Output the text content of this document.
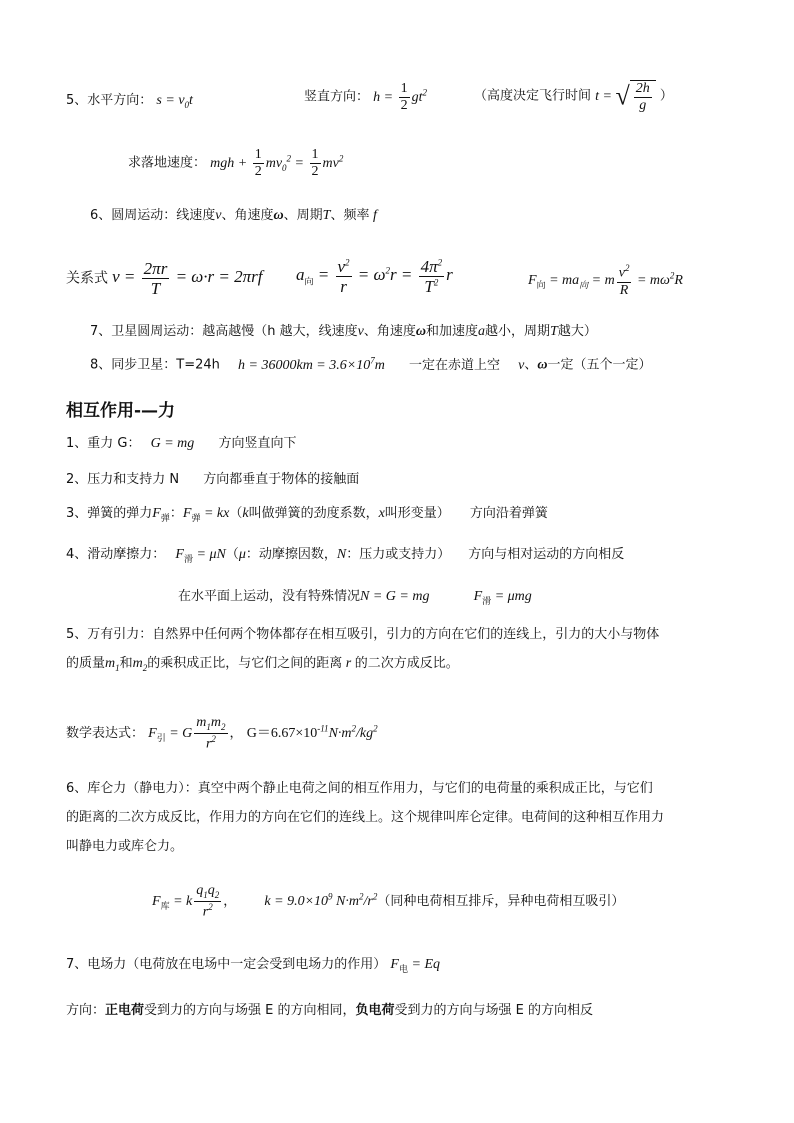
5、水平方向： $s = v_0t$	竖直方向： $h = \frac{1}{2} gt^2$	（高度决定飞行时间 t = √ $\frac{2h}{g}$ ）
求落地速度： mgh + $\frac{1}{2} mv_0^2 = \frac{1}{2} mv^2$
6、圆周运动：线速度v、角速度ω、周期T、频率 f
关系式 $v = \frac{2\pi r}{T} = \omega\cdot r = 2\pi rf$ $a_向 = \frac{v^2}{r} = \omega^2r = \frac{4\pi^2}{T^2}$ r	$F_向 = ma_向 = m \frac{v^2}{R} = m\omega^2R$
7、卫星圆周运动：越高越慢（h 越大，线速度v、角速度ω和加速度a越小，周期T越大）
8、同步卫星：T=24h $h = 36000km = 3.6\times 10^7m$ 一定在赤道上空 v、ω一定（五个一定）
相互作用-—力
1、重力 G： G = mg 方向竖直向下
2、压力和支持力 N 方向都垂直于物体的接触面
3、弹簧的弹力$F_弹$：$F_弹 = kx(k$叫做弹簧的劲度系数，x叫形变量） 方向沿着弹簧
4、滑动摩擦力： $F_滑 = \mu N(\mu$：动摩擦因数，N：压力或支持力） 方向与相对运动的方向相反
在水平面上运动，没有特殊情况N = G = mg	$F_滑 = \mu mg$
5、万有引力：自然界中任何两个物体都存在相互吸引，引力的方向在它们的连线上，引力的大小与物体
的质量$m_1$和$m_2$的乘积成正比，与它们之间的距离 r 的二次方成反比。
数学表达式： $F_引 = G \frac{m_1m_2}{r^2}$ ， $G=6.67\times 10^{-11}N\cdot m^2/kg^2$
6、库仑力（静电力）：真空中两个静止电荷之间的相互作用力，与它们的电荷量的乘积成正比，与它们
的距离的二次方成反比，作用力的方向在它们的连线上。这个规律叫库仑定律。电荷间的这种相互作用力
叫静电力或库仑力。
$F_库 = k \frac{q_1q_2}{r^2}$ ， $k = 9.0\times 10^9$ $N\cdot m^2/r^2$（同种电荷相互排斥，异种电荷相互吸引）
7、电场力（电荷放在电场中一定会受到电场力的作用） $F_电 = Eq$
方向：正电荷受到力的方向与场强 E 的方向相同，负电荷受到力的方向与场强 E 的方向相反
